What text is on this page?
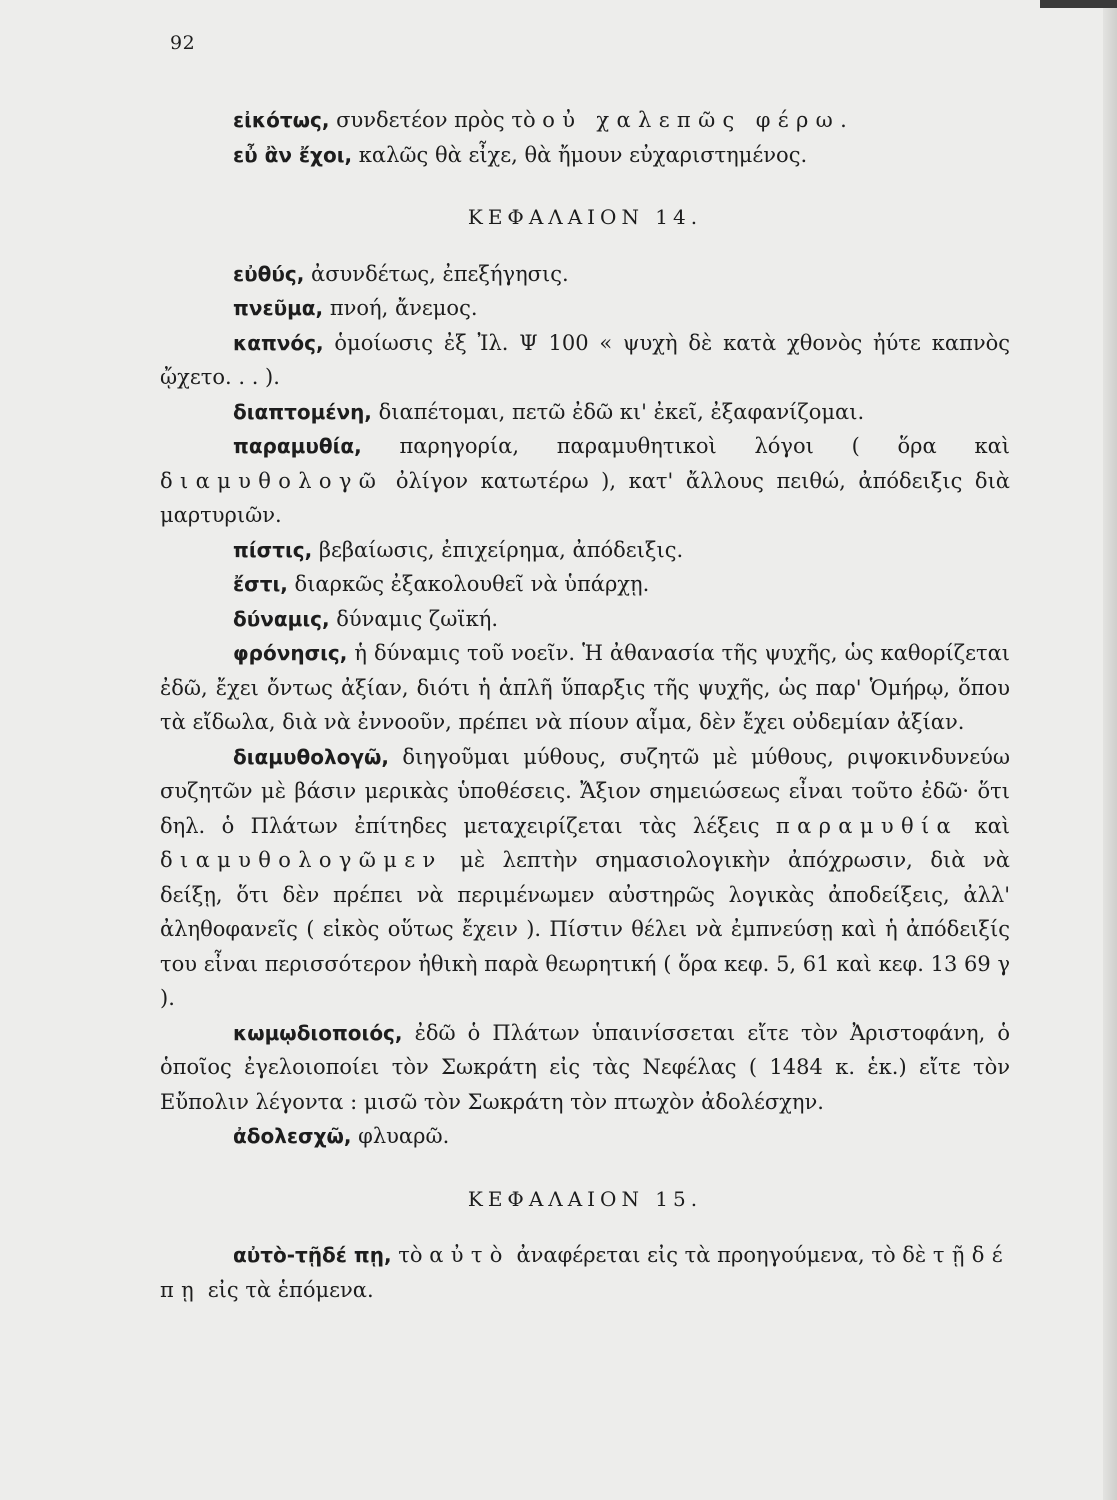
92

εἰκότως, συνδετέον πρὸς τὸ οὐ χαλεπῶς φέρω.

εὖ ἂν ἔχοι, καλῶς θὰ εἶχε, θὰ ἤμουν εὐχαριστημένος.

ΚΕΦΑΛΑΙΟΝ 14.

εὐθύς, ἀσυνδέτως, ἐπεξήγησις.

πνεῦμα, πνοή, ἄνεμος.

καπνός, ὁμοίωσις ἐξ Ἰλ. Ψ 100 « ψυχὴ δὲ κατὰ χθονὸς ἠύτε καπνὸς ᾤχετο. . . ).

διαπτομένη, διαπέτομαι, πετῶ ἐδῶ κι' ἐκεῖ, ἐξαφανίζομαι.

παραμυθία, παρηγορία, παραμυθητικοὶ λόγοι ( ὅρα καὶ διαμυθολογῶ ὀλίγον κατωτέρω ), κατ' ἄλλους πειθώ, ἀπόδειξις διὰ μαρτυριῶν.

πίστις, βεβαίωσις, ἐπιχείρημα, ἀπόδειξις.

ἔστι, διαρκῶς ἐξακολουθεῖ νὰ ὑπάρχῃ.

δύναμις, δύναμις ζωϊκή.

φρόνησις, ἡ δύναμις τοῦ νοεῖν. Ἡ ἀθανασία τῆς ψυχῆς, ὡς καθορίζεται ἐδῶ, ἔχει ὄντως ἀξίαν, διότι ἡ ἁπλῆ ὕπαρξις τῆς ψυχῆς, ὡς παρ' Ὁμήρῳ, ὅπου τὰ εἴδωλα, διὰ νὰ ἐννοοῦν, πρέπει νὰ πίουν αἷμα, δὲν ἔχει οὐδεμίαν ἀξίαν.

διαμυθολογῶ, διηγοῦμαι μύθους, συζητῶ μὲ μύθους, ριψοκινδυνεύω συζητῶν μὲ βάσιν μερικὰς ὑποθέσεις. Ἄξιον σημειώσεως εἶναι τοῦτο ἐδῶ· ὅτι δηλ. ὁ Πλάτων ἐπίτηδες μεταχειρίζεται τὰς λέξεις παραμυθία καὶ διαμυθολογῶμεν μὲ λεπτὴν σημασιολογικὴν ἀπόχρωσιν, διὰ νὰ δείξῃ, ὅτι δὲν πρέπει νὰ περιμένωμεν αὐστηρῶς λογικὰς ἀποδείξεις, ἀλλ' ἀληθοφανεῖς ( εἰκὸς οὕτως ἔχειν ). Πίστιν θέλει νὰ ἐμπνεύσῃ καὶ ἡ ἀπόδειξίς του εἶναι περισσότερον ἠθικὴ παρὰ θεωρητική ( ὅρα κεφ. 5, 61 καὶ κεφ. 13 69 γ ).

κωμῳδιοποιός, ἐδῶ ὁ Πλάτων ὑπαινίσσεται εἴτε τὸν Ἀριστοφάνη, ὁ ὁποῖος ἐγελοιοποίει τὸν Σωκράτη εἰς τὰς Νεφέλας ( 1484 κ. ἑκ.) εἴτε τὸν Εὔπολιν λέγοντα : μισῶ τὸν Σωκράτη τὸν πτωχὸν ἀδολέσχην.

ἀδολεσχῶ, φλυαρῶ.

ΚΕΦΑΛΑΙΟΝ 15.

αὐτὸ-τῇδέ πῃ, τὸ αὐτὸ ἀναφέρεται εἰς τὰ προηγούμενα, τὸ δὲ τῇδέ πῃ εἰς τὰ ἑπόμενα.
